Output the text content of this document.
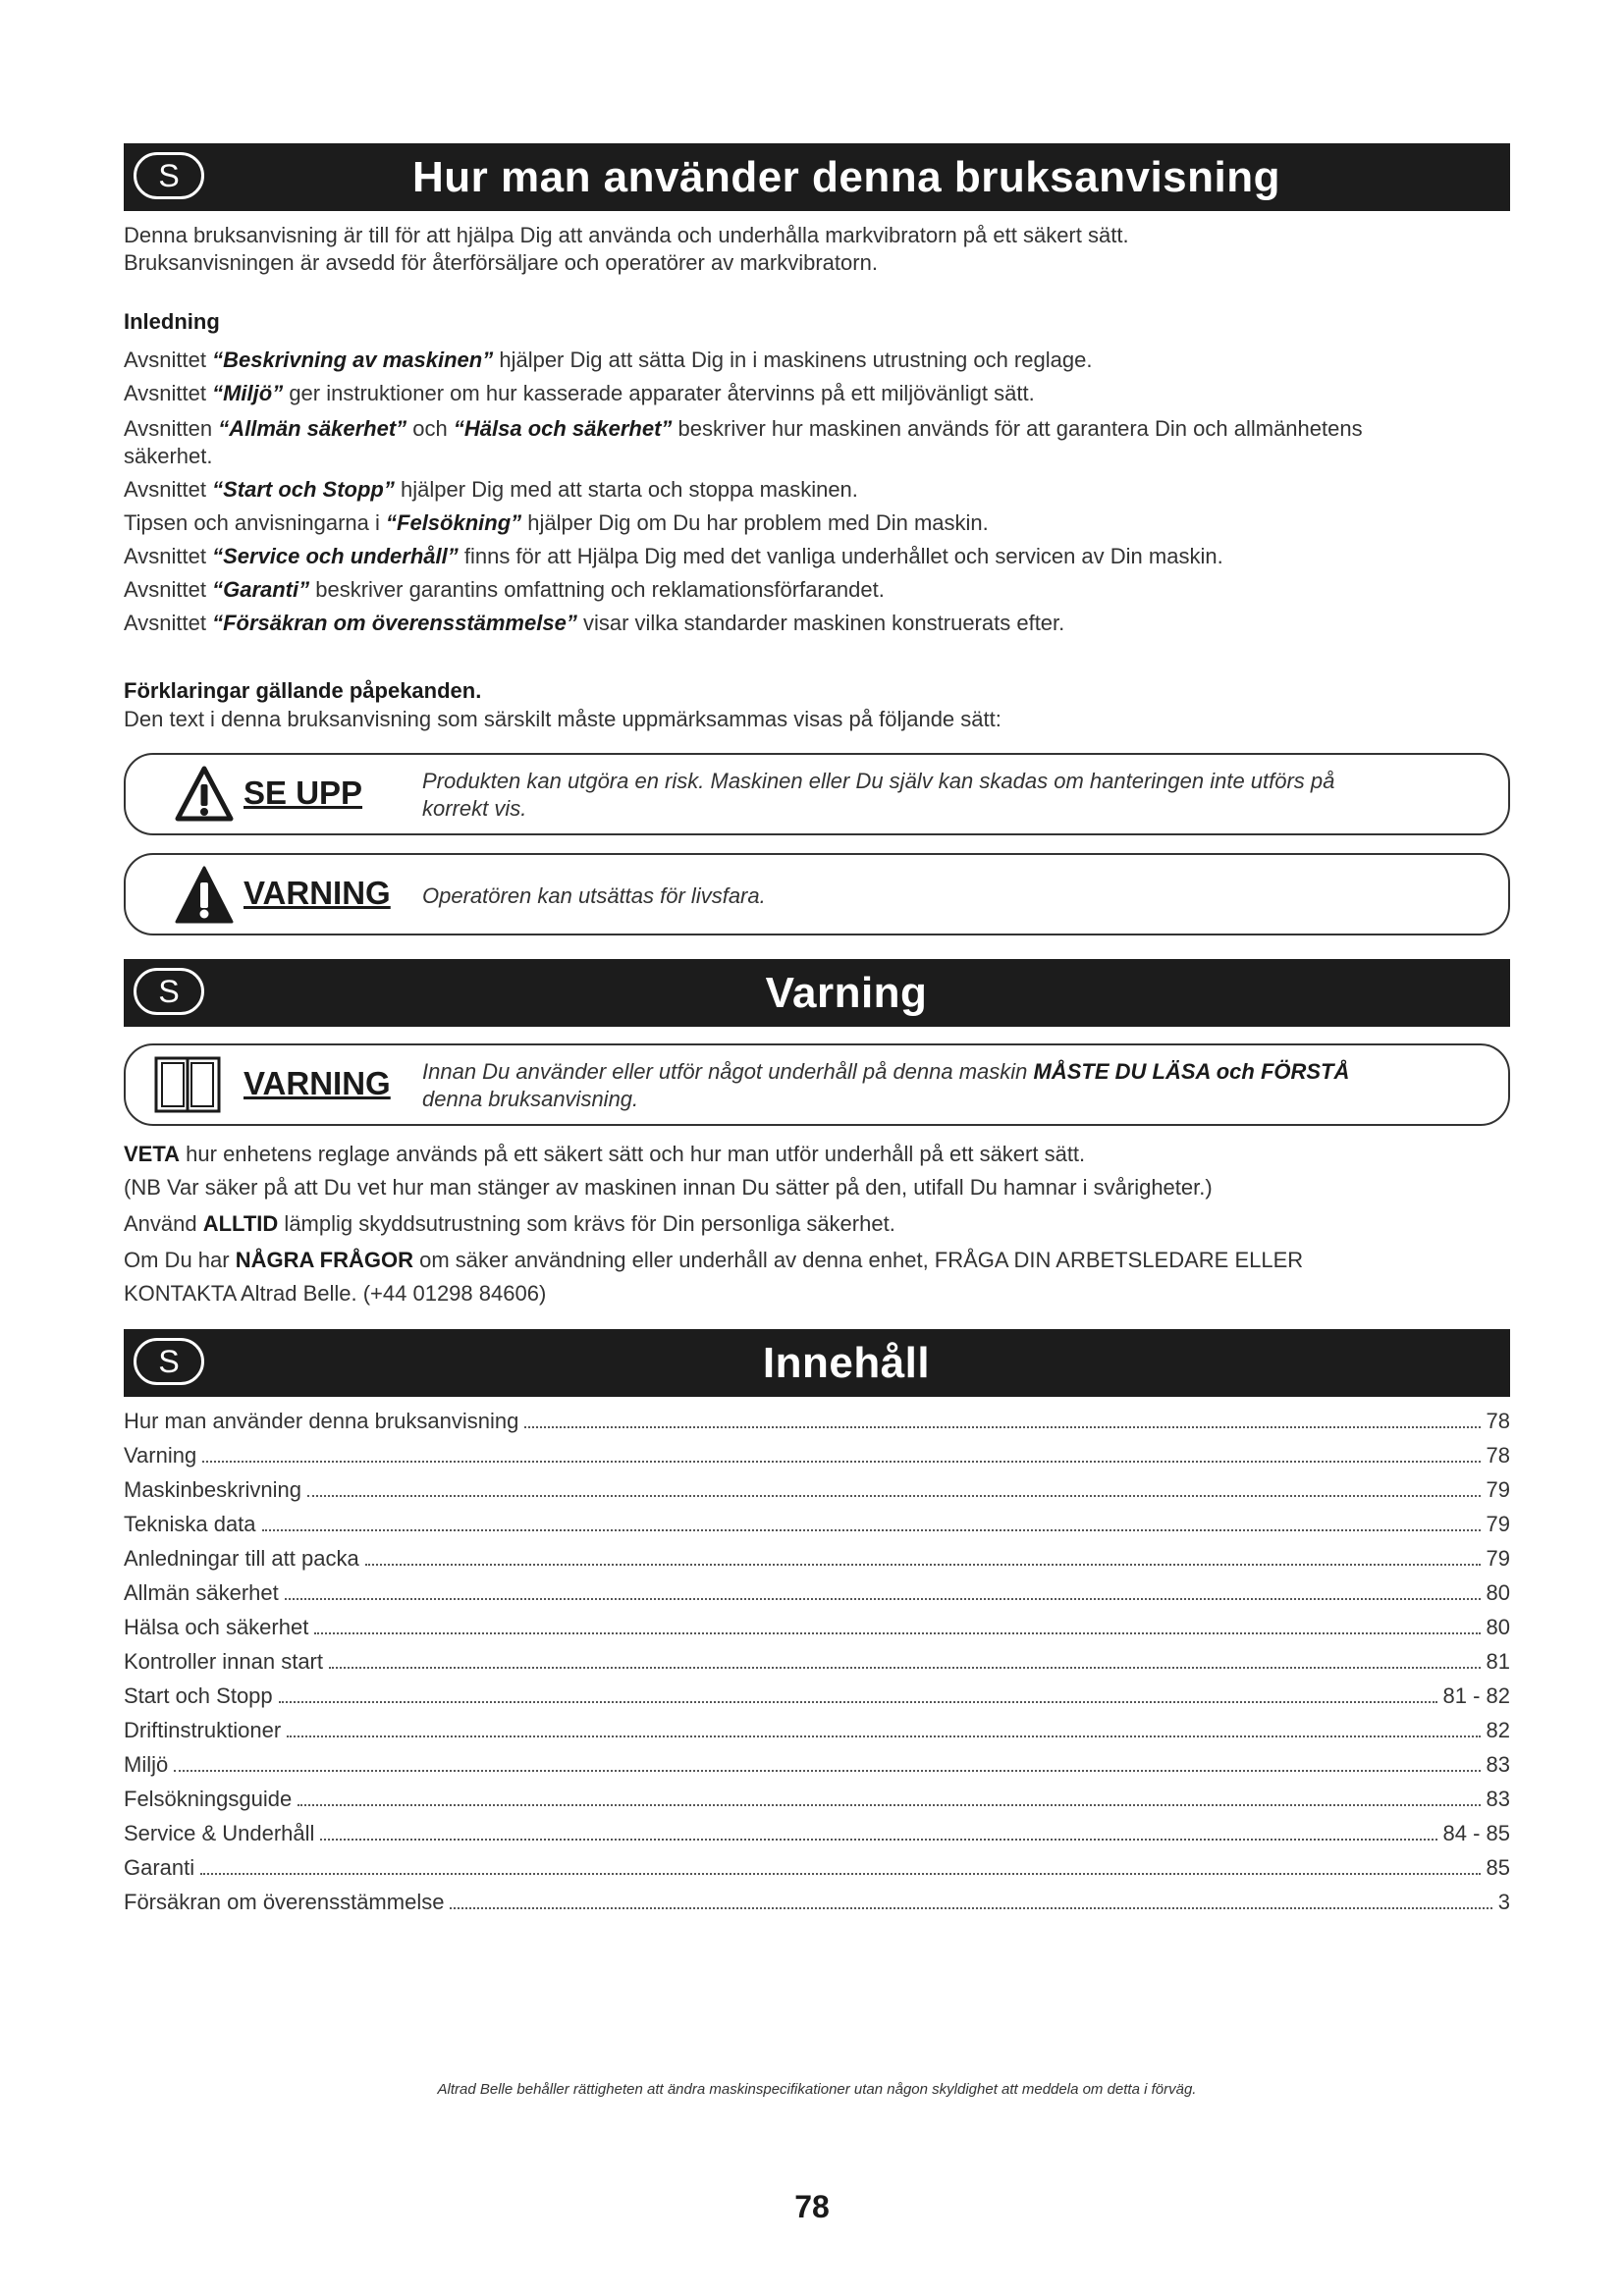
S	Hur man använder denna bruksanvisning
Denna bruksanvisning är till för att hjälpa Dig att använda och underhålla markvibratorn på ett säkert sätt.
Bruksanvisningen är avsedd för återförsäljare och operatörer av markvibratorn.
Inledning
Avsnittet “Beskrivning av maskinen” hjälper Dig att sätta Dig in i maskinens utrustning och reglage.
Avsnittet “Miljö” ger instruktioner om hur kasserade apparater återvinns på ett miljövänligt sätt.
Avsnitten “Allmän säkerhet” och “Hälsa och säkerhet” beskriver hur maskinen används för att garantera Din och allmänhetens
säkerhet.
Avsnittet “Start och Stopp” hjälper Dig med att starta och stoppa maskinen.
Tipsen och anvisningarna i “Felsökning” hjälper Dig om Du har problem med Din maskin.
Avsnittet “Service och underhåll” finns för att Hjälpa Dig med det vanliga underhållet och servicen av Din maskin.
Avsnittet “Garanti” beskriver garantins omfattning och reklamationsförfarandet.
Avsnittet “Försäkran om överensstämmelse” visar vilka standarder maskinen konstruerats efter.
Förklaringar gällande påpekanden.
Den text i denna bruksanvisning som särskilt måste uppmärksammas visas på följande sätt:
SE UPP	Produkten kan utgöra en risk. Maskinen eller Du själv kan skadas om hanteringen inte utförs på
korrekt vis.
VARNING Operatören kan utsättas för livsfara.
S	Varning
VARNING Innan Du använder eller utför något underhåll på denna maskin MÅSTE DU LÄSA och FÖRSTÅ
denna bruksanvisning.
VETA hur enhetens reglage används på ett säkert sätt och hur man utför underhåll på ett säkert sätt.
(NB Var säker på att Du vet hur man stänger av maskinen innan Du sätter på den, utifall Du hamnar i svårigheter.)
Använd ALLTID lämplig skyddsutrustning som krävs för Din personliga säkerhet.
Om Du har NÅGRA FRÅGOR om säker användning eller underhåll av denna enhet, FRÅGA DIN ARBETSLEDARE ELLER
KONTAKTA Altrad Belle. (+44 01298 84606)
S	Innehåll
Hur man använder denna bruksanvisning	78
Varning	78
Maskinbeskrivning	79
Tekniska data	79
Anledningar till att packa	79
Allmän säkerhet	80
Hälsa och säkerhet	80
Kontroller innan start	81
Start och Stopp	81 - 82
Driftinstruktioner	82
Miljö	83
Felsökningsguide	83
Service & Underhåll	84 - 85
Garanti	85
Försäkran om överensstämmelse	3
Altrad Belle behåller rättigheten att ändra maskinspecifikationer utan någon skyldighet att meddela om detta i förväg.
78
